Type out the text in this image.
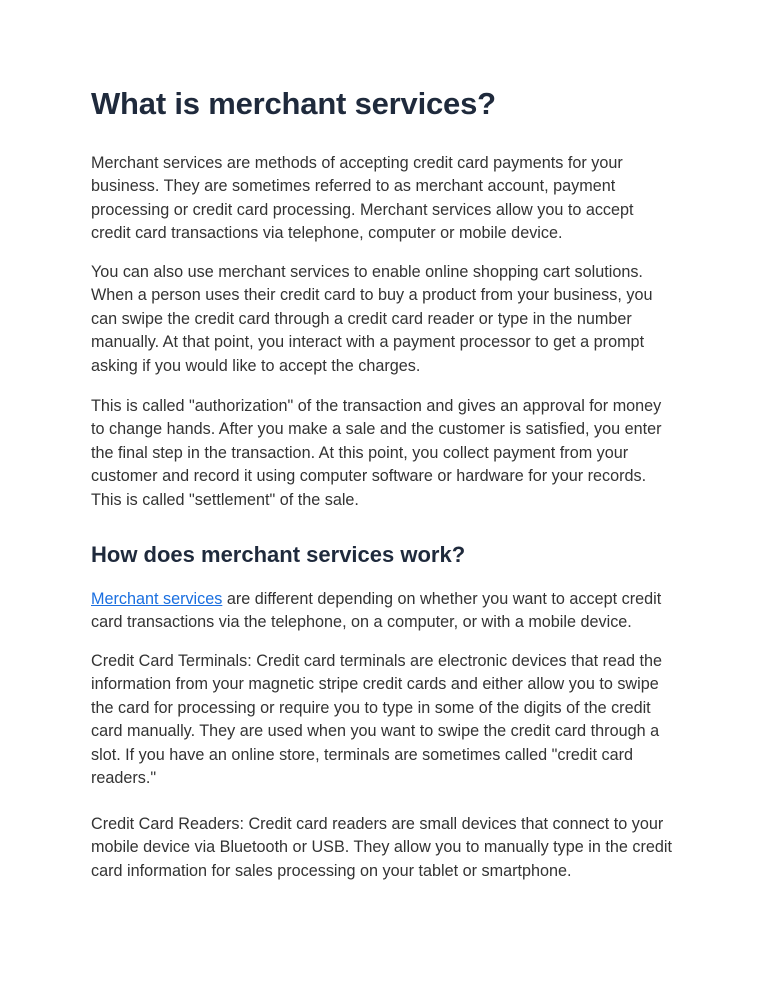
What is merchant services?

Merchant services are methods of accepting credit card payments for your
business. They are sometimes referred to as merchant account, payment
processing or credit card processing. Merchant services allow you to accept
credit card transactions via telephone, computer or mobile device.

You can also use merchant services to enable online shopping cart solutions.
When a person uses their credit card to buy a product from your business, you
can swipe the credit card through a credit card reader or type in the number
manually. At that point, you interact with a payment processor to get a prompt
asking if you would like to accept the charges.

This is called "authorization" of the transaction and gives an approval for money
to change hands. After you make a sale and the customer is satisfied, you enter
the final step in the transaction. At this point, you collect payment from your
customer and record it using computer software or hardware for your records.
This is called "settlement" of the sale.

How does merchant services work?

Merchant services are different depending on whether you want to accept credit
card transactions via the telephone, on a computer, or with a mobile device.

Credit Card Terminals: Credit card terminals are electronic devices that read the
information from your magnetic stripe credit cards and either allow you to swipe
the card for processing or require you to type in some of the digits of the credit
card manually. They are used when you want to swipe the credit card through a
slot. If you have an online store, terminals are sometimes called "credit card
readers."

Credit Card Readers: Credit card readers are small devices that connect to your
mobile device via Bluetooth or USB. They allow you to manually type in the credit
card information for sales processing on your tablet or smartphone.
